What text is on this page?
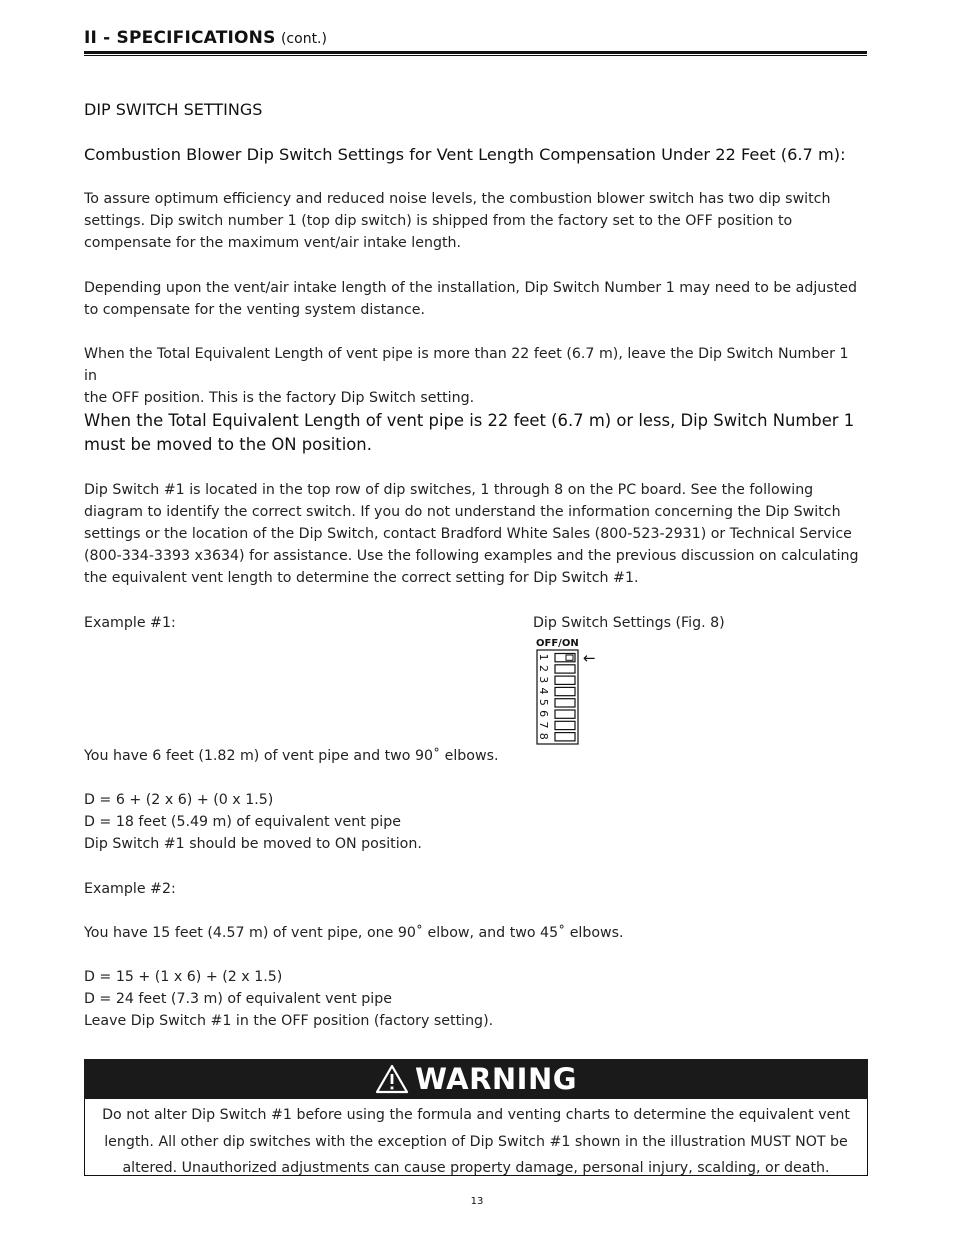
II - SPECIFICATIONS (cont.)
DIP SWITCH SETTINGS
Combustion Blower Dip Switch Settings for Vent Length Compensation Under 22 Feet (6.7 m):
To assure optimum efficiency and reduced noise levels, the combustion blower switch has two dip switch
settings. Dip switch number 1 (top dip switch) is shipped from the factory set to the OFF position to
compensate for the maximum vent/air intake length.
Depending upon the vent/air intake length of the installation, Dip Switch Number 1 may need to be adjusted
to compensate for the venting system distance.
When the Total Equivalent Length of vent pipe is more than 22 feet (6.7 m), leave the Dip Switch Number 1 in
the OFF position. This is the factory Dip Switch setting.
When the Total Equivalent Length of vent pipe is 22 feet (6.7 m) or less, Dip Switch Number 1
must be moved to the ON position.
Dip Switch #1 is located in the top row of dip switches, 1 through 8 on the PC board. See the following
diagram to identify the correct switch. If you do not understand the information concerning the Dip Switch
settings or the location of the Dip Switch, contact Bradford White Sales (800-523-2931) or Technical Service
(800-334-3393 x3634) for assistance. Use the following examples and the previous discussion on calculating
the equivalent vent length to determine the correct setting for Dip Switch #1.
Example #1:	Dip Switch Settings (Fig. 8)
OFF/ON
1
2
3
4
5
6
7
8
←
You have 6 feet (1.82 m) of vent pipe and two 90˚ elbows.
D = 6 + (2 x 6) + (0 x 1.5)
D = 18 feet (5.49 m) of equivalent vent pipe
Dip Switch #1 should be moved to ON position.
Example #2:
You have 15 feet (4.57 m) of vent pipe, one 90˚ elbow, and two 45˚ elbows.
D = 15 + (1 x 6) + (2 x 1.5)
D = 24 feet (7.3 m) of equivalent vent pipe
Leave Dip Switch #1 in the OFF position (factory setting).
WARNING
Do not alter Dip Switch #1 before using the formula and venting charts to determine the equivalent vent
length. All other dip switches with the exception of Dip Switch #1 shown in the illustration MUST NOT be
altered. Unauthorized adjustments can cause property damage, personal injury, scalding, or death.
13
